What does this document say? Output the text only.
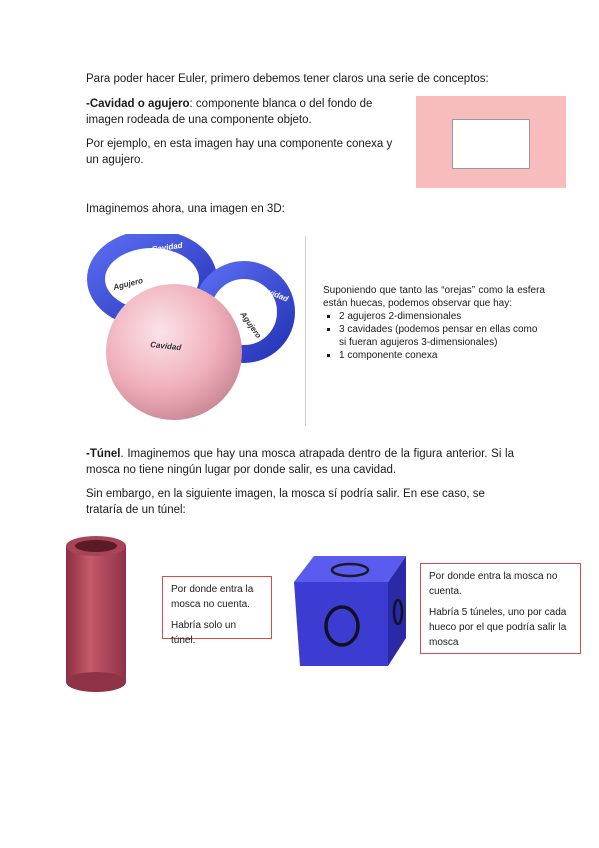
Para poder hacer Euler, primero debemos tener claros una serie de conceptos:
-Cavidad o agujero: componente blanca o del fondo de imagen rodeada de una componente objeto.
Por ejemplo, en esta imagen hay una componente conexa y un agujero.
Imaginemos ahora, una imagen en 3D:
Cavidad
Agujero	Cavidad
Agujero
Cavidad
Suponiendo que tanto las “orejas” como la esfera están huecas, podemos observar que hay:
▪ 2 agujeros 2-dimensionales
▪ 3 cavidades (podemos pensar en ellas como si fueran agujeros 3-dimensionales)
▪ 1 componente conexa
-Túnel. Imaginemos que hay una mosca atrapada dentro de la figura anterior. Si la mosca no tiene ningún lugar por donde salir, es una cavidad.
Sin embargo, en la siguiente imagen, la mosca sí podría salir. En ese caso, se trataría de un túnel:

Por donde entra la mosca no cuenta.

Habría solo un túnel.

Por donde entra la mosca no cuenta.

Habría 5 túneles, uno por cada hueco por el que podría salir la mosca
